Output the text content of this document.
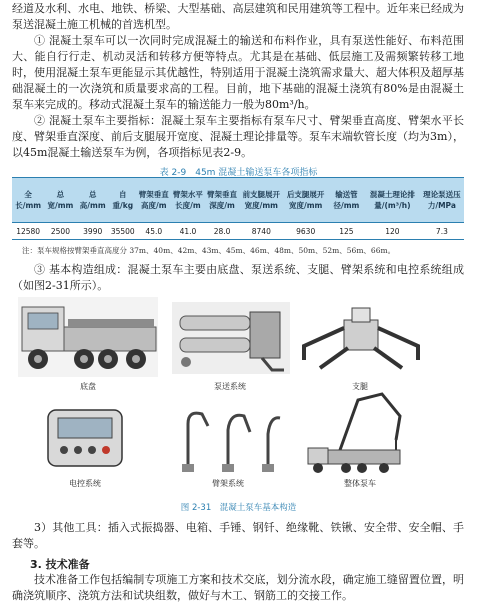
经道及水利、水电、地铁、桥梁、大型基础、高层建筑和民用建筑等工程中。近年来已经成为泵送混凝土施工机械的首选机型。

① 混凝土泵车可以一次同时完成混凝土的输送和布料作业，具有泵送性能好、布料范围大、能自行行走、机动灵活和转移方便等特点。尤其是在基础、低层施工及需频繁转移工地时，使用混凝土泵车更能显示其优越性，特别适用于混凝土浇筑需求量大、超大体积及超厚基础混凝土的一次浇筑和质量要求高的工程。目前，地下基础的混凝土浇筑有80%是由混凝土泵车来完成的。移动式混凝土泵车的输送能力一般为80m³/h。

② 混凝土泵车主要指标：混凝土泵车主要指标有泵车尺寸、臂架垂直高度、臂架水平长度、臂架垂直深度、前后支腿展开宽度、混凝土理论排量等。泵车末端软管长度（均为3m），以45m混凝土输送泵车为例，各项指标见表2-9。

表 2-9　45m 混凝土输送泵车各项指标
全长/mm	总宽/mm	总高/mm	自重/kg	臂架垂直高度/m	臂架水平长度/m	臂架垂直深度/m	前支腿展开宽度/mm	后支腿展开宽度/mm	输送管径/mm	混凝土理论排量/(m³/h)	理论泵送压力/MPa
12580	2500	3990	35500	45.0	41.0	28.0	8740	9630	125	120	7.3
注：泵车规格按臂架垂直高度分 37m、40m、42m、43m、45m、46m、48m、50m、52m、56m、66m。

③ 基本构造组成：混凝土泵车主要由底盘、泵送系统、支腿、臂架系统和电控系统组成（如图2-31所示）。

底盘	泵送系统	支腿
电控系统	臂架系统	整体泵车
图 2-31　混凝土泵车基本构造

3）其他工具：插入式振捣器、电箱、手锤、钢钎、绝缘靴、铁锹、安全带、安全帽、手套等。

3. 技术准备

技术准备工作包括编制专项施工方案和技术交底，划分流水段，确定施工缝留置位置，明确浇筑顺序、浇筑方法和试块组数，做好与木工、钢筋工的交接工作。
